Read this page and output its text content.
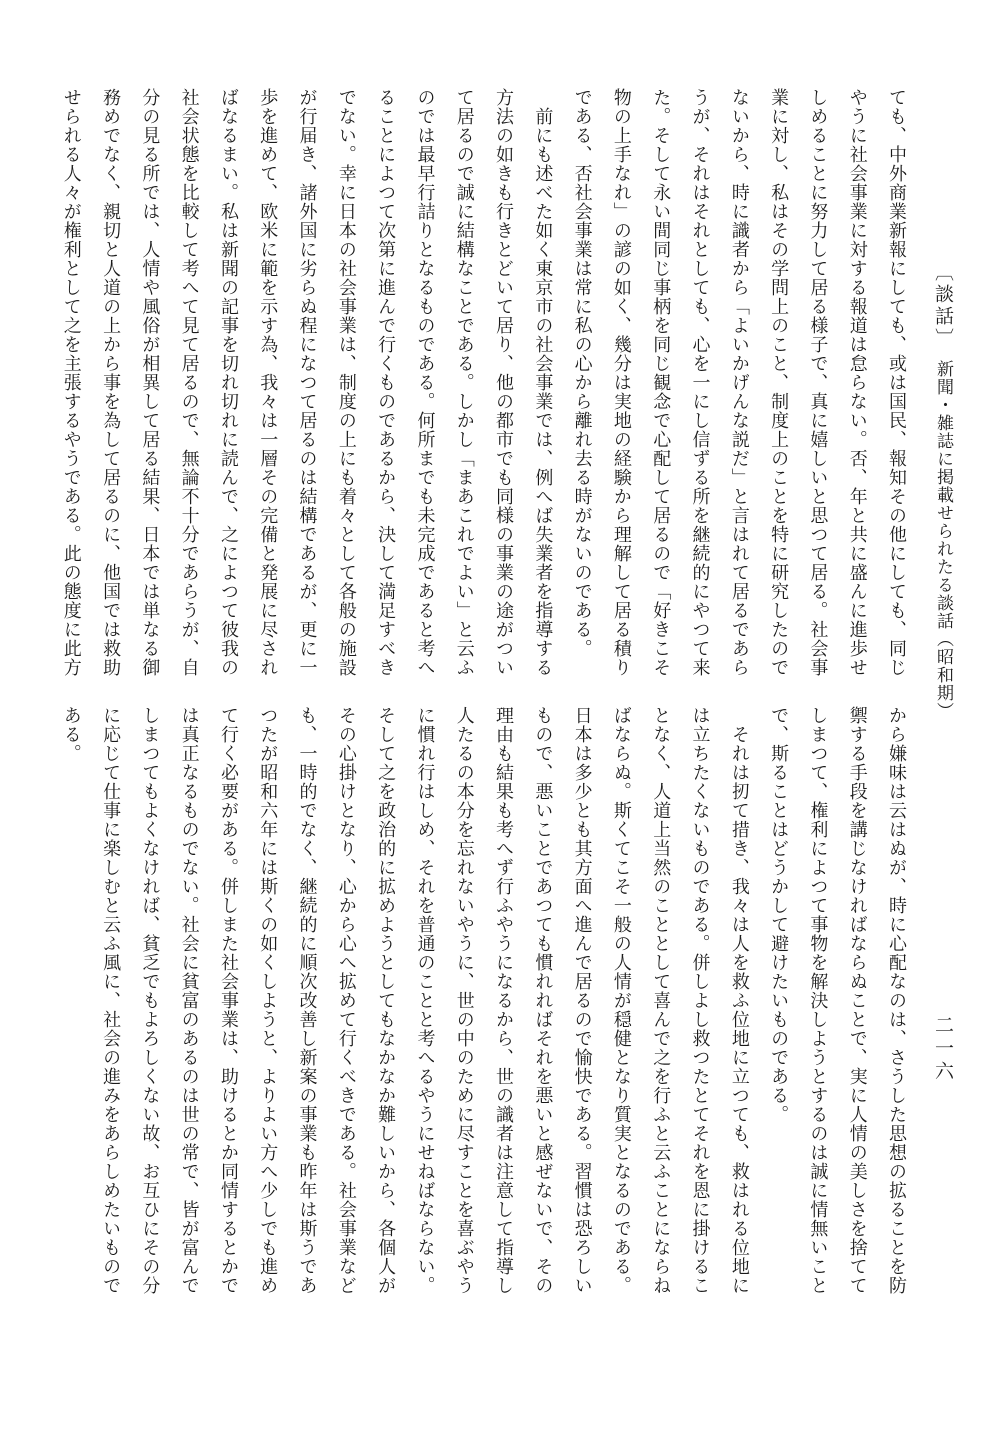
〔談話〕新聞・雑誌に掲載せられたる談話（昭和期）
二一六
ても、中外商業新報にしても、或は国民、報知その他にしても、同じ
やうに社会事業に対する報道は怠らない。否、年と共に盛んに進歩せ
しめることに努力して居る様子で、真に嬉しいと思つて居る。社会事
業に対し、私はその学問上のこと、制度上のことを特に研究したので
ないから、時に識者から「よいかげんな説だ」と言はれて居るであら
うが、それはそれとしても、心を一にし信ずる所を継続的にやつて来
た。そして永い間同じ事柄を同じ観念で心配して居るので「好きこそ
物の上手なれ」の諺の如く、幾分は実地の経験から理解して居る積り
である、否社会事業は常に私の心から離れ去る時がないのである。
　前にも述べた如く東京市の社会事業では、例へば失業者を指導する
方法の如きも行きとどいて居り、他の都市でも同様の事業の途がつい
て居るので誠に結構なことである。しかし「まあこれでよい」と云ふ
のでは最早行詰りとなるものである。何所までも未完成であると考へ
ることによつて次第に進んで行くものであるから、決して満足すべき
でない。幸に日本の社会事業は、制度の上にも着々として各般の施設
が行届き、諸外国に劣らぬ程になつて居るのは結構であるが、更に一
歩を進めて、欧米に範を示す為、我々は一層その完備と発展に尽され
ばなるまい。私は新聞の記事を切れ切れに読んで、之によつて彼我の
社会状態を比較して考へて見て居るので、無論不十分であらうが、自
分の見る所では、人情や風俗が相異して居る結果、日本では単なる御
務めでなく、親切と人道の上から事を為して居るのに、他国では救助
せられる人々が権利として之を主張するやうである。此の態度に此方
から嫌味は云はぬが、時に心配なのは、さうした思想の拡ることを防
禦する手段を講じなければならぬことで、実に人情の美しさを捨てて
しまつて、権利によつて事物を解決しようとするのは誠に情無いこと
で、斯ることはどうかして避けたいものである。
　それは扨て措き、我々は人を救ふ位地に立つても、救はれる位地に
は立ちたくないものである。併しよし救つたとてそれを恩に掛けるこ
となく、人道上当然のこととして喜んで之を行ふと云ふことにならね
ばならぬ。斯くてこそ一般の人情が穏健となり質実となるのである。
日本は多少とも其方面へ進んで居るので愉快である。習慣は恐ろしい
もので、悪いことであつても慣れればそれを悪いと感ぜないで、その
理由も結果も考へず行ふやうになるから、世の識者は注意して指導し
人たるの本分を忘れないやうに、世の中のために尽すことを喜ぶやう
に慣れ行はしめ、それを普通のことと考へるやうにせねばならない。
そして之を政治的に拡めようとしてもなかなか難しいから、各個人が
その心掛けとなり、心から心へ拡めて行くべきである。社会事業など
も、一時的でなく、継続的に順次改善し新案の事業も昨年は斯うであ
つたが昭和六年には斯くの如くしようと、よりよい方へ少しでも進め
て行く必要がある。併しまた社会事業は、助けるとか同情するとかで
は真正なるものでない。社会に貧富のあるのは世の常で、皆が富んで
しまつてもよくなければ、貧乏でもよろしくない故、お互ひにその分
に応じて仕事に楽しむと云ふ風に、社会の進みをあらしめたいもので
ある。
